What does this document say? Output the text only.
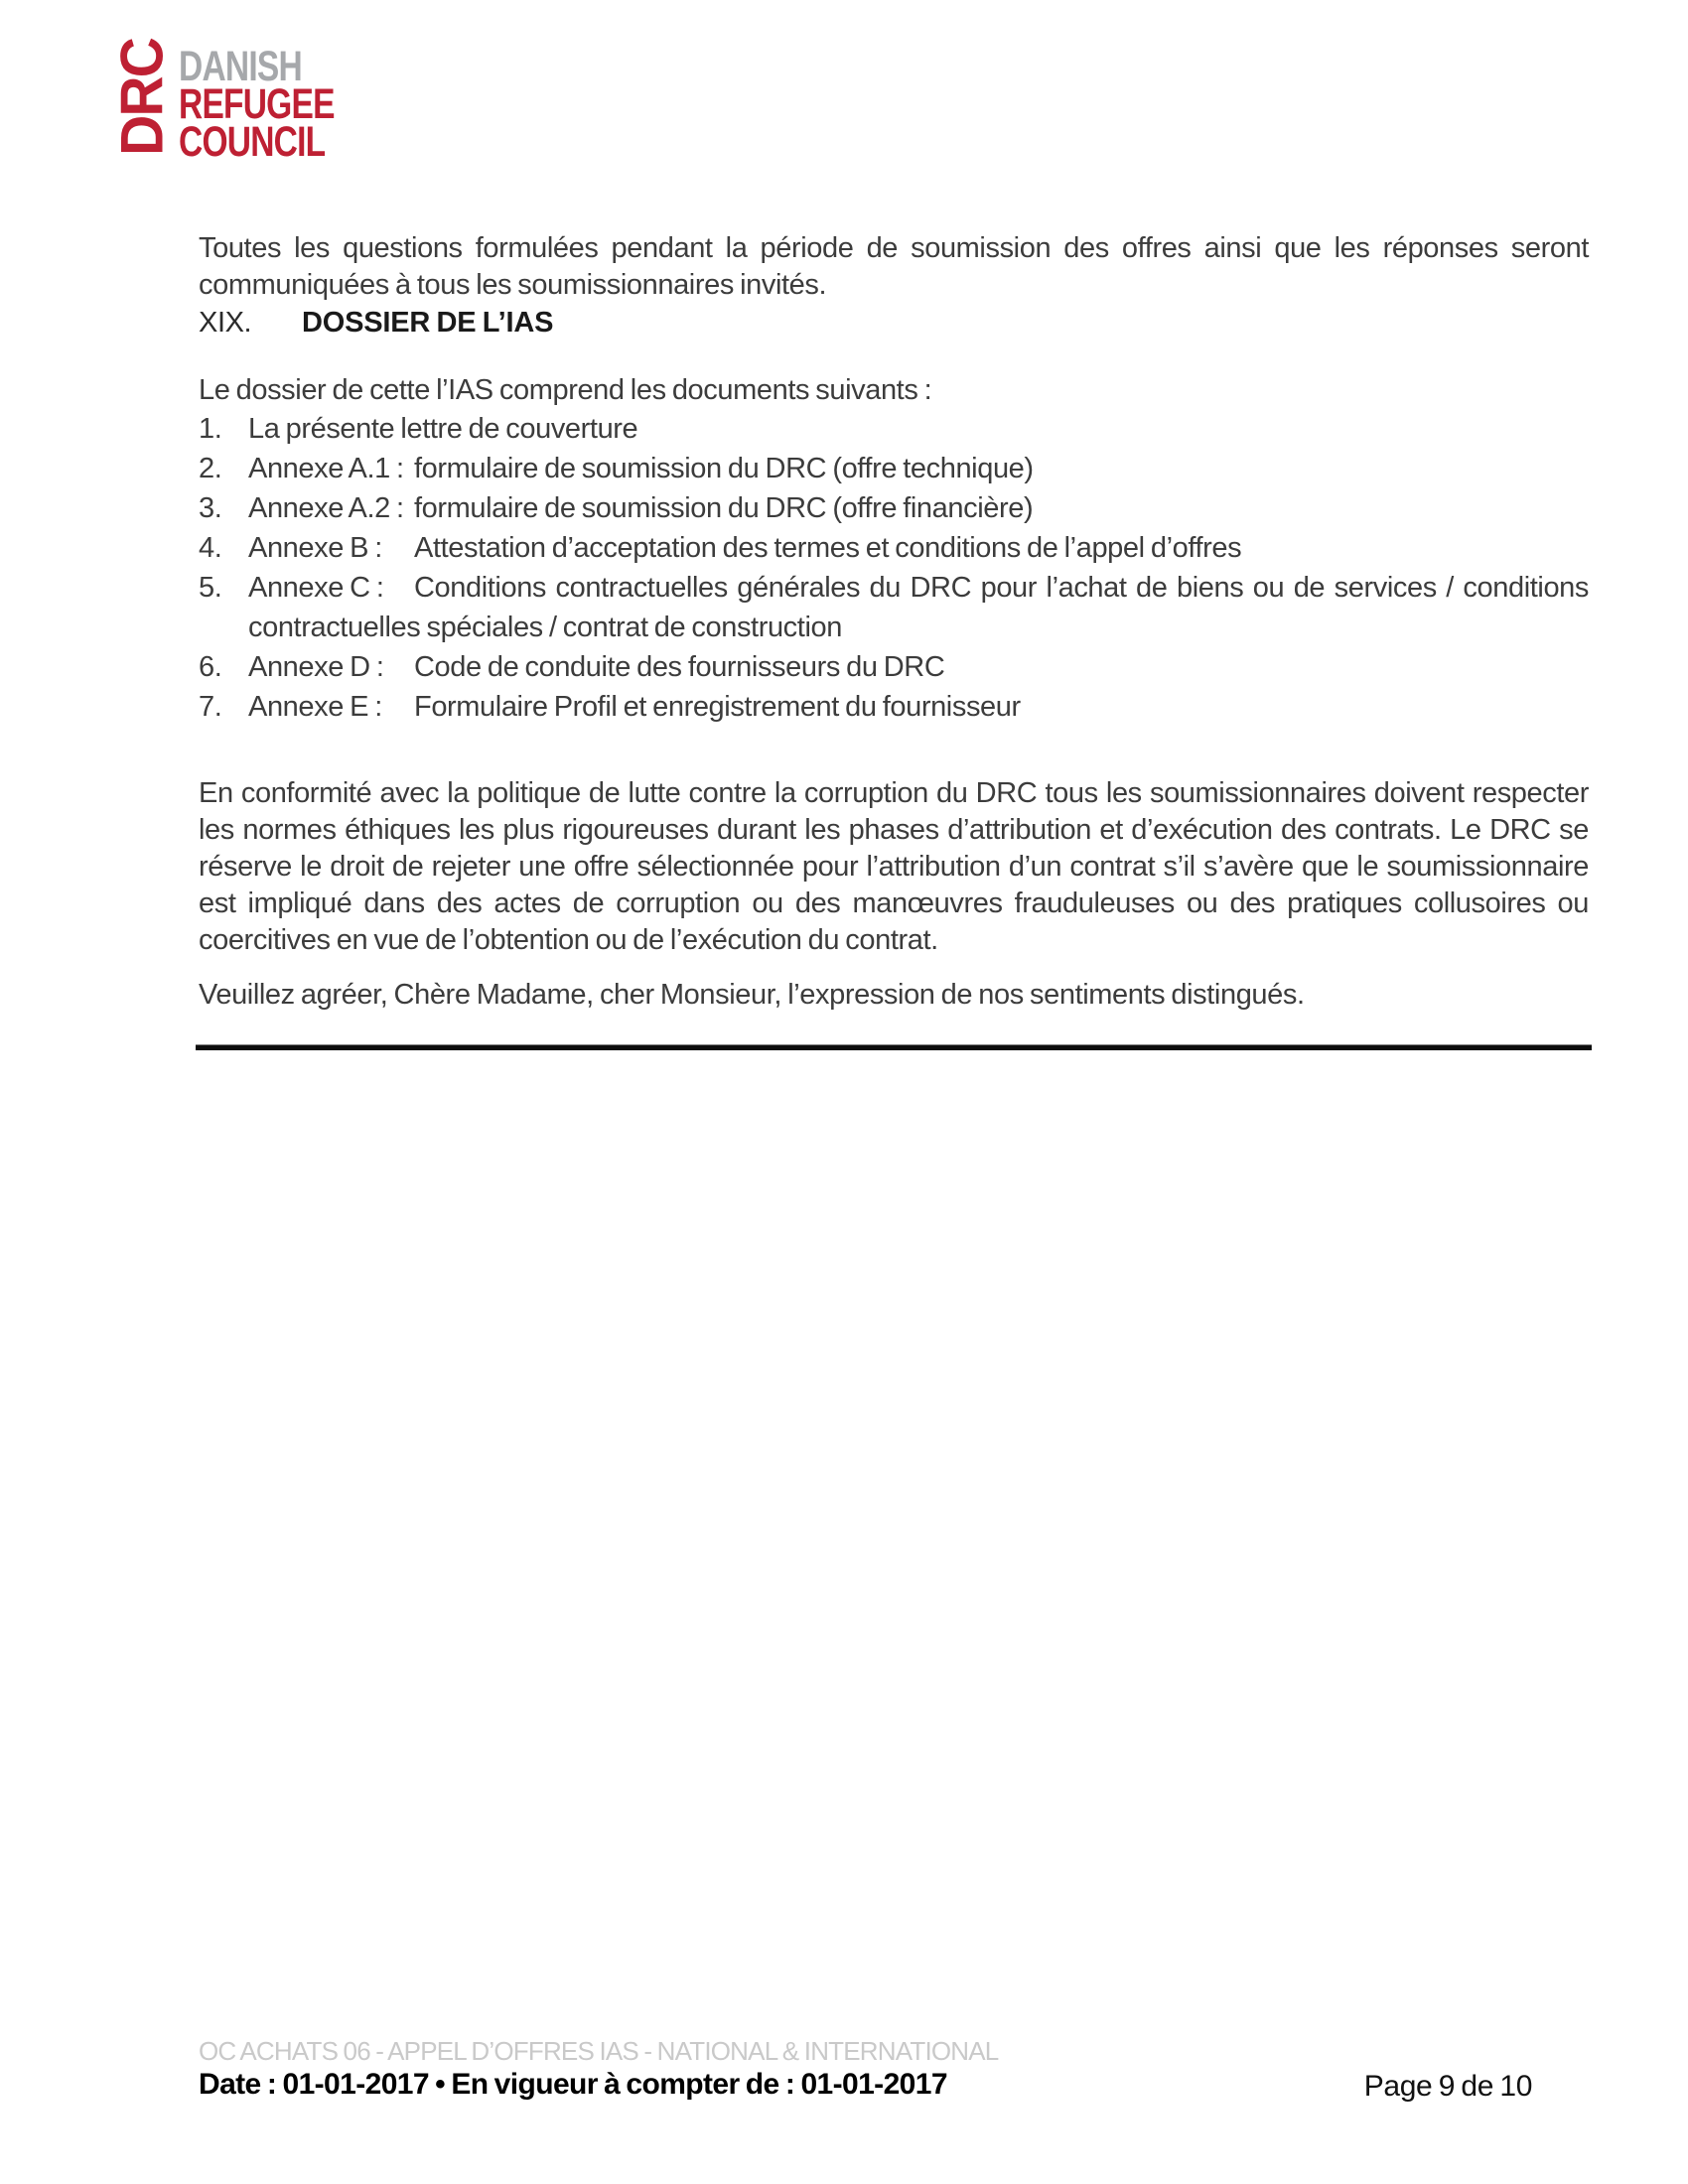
DRC DANISH
REFUGEE
COUNCIL

Toutes les questions formulées pendant la période de soumission des offres ainsi que les réponses seront communiquées à tous les soumissionnaires invités.

XIX. DOSSIER DE L’IAS

Le dossier de cette l’IAS comprend les documents suivants :

1. La présente lettre de couverture
2. Annexe A.1 : formulaire de soumission du DRC (offre technique)
3. Annexe A.2 : formulaire de soumission du DRC (offre financière)
4. Annexe B : Attestation d’acceptation des termes et conditions de l’appel d’offres
5. Annexe C : Conditions contractuelles générales du DRC pour l’achat de biens ou de services / conditions contractuelles spéciales / contrat de construction
6. Annexe D : Code de conduite des fournisseurs du DRC
7. Annexe E : Formulaire Profil et enregistrement du fournisseur

En conformité avec la politique de lutte contre la corruption du DRC tous les soumissionnaires doivent respecter les normes éthiques les plus rigoureuses durant les phases d’attribution et d’exécution des contrats. Le DRC se réserve le droit de rejeter une offre sélectionnée pour l’attribution d’un contrat s’il s’avère que le soumissionnaire est impliqué dans des actes de corruption ou des manœuvres frauduleuses ou des pratiques collusoires ou coercitives en vue de l’obtention ou de l’exécution du contrat.

Veuillez agréer, Chère Madame, cher Monsieur, l’expression de nos sentiments distingués.

OC ACHATS 06 - APPEL D’OFFRES IAS - NATIONAL & INTERNATIONAL
Date : 01-01-2017 • En vigueur à compter de : 01-01-2017	Page 9 de 10
